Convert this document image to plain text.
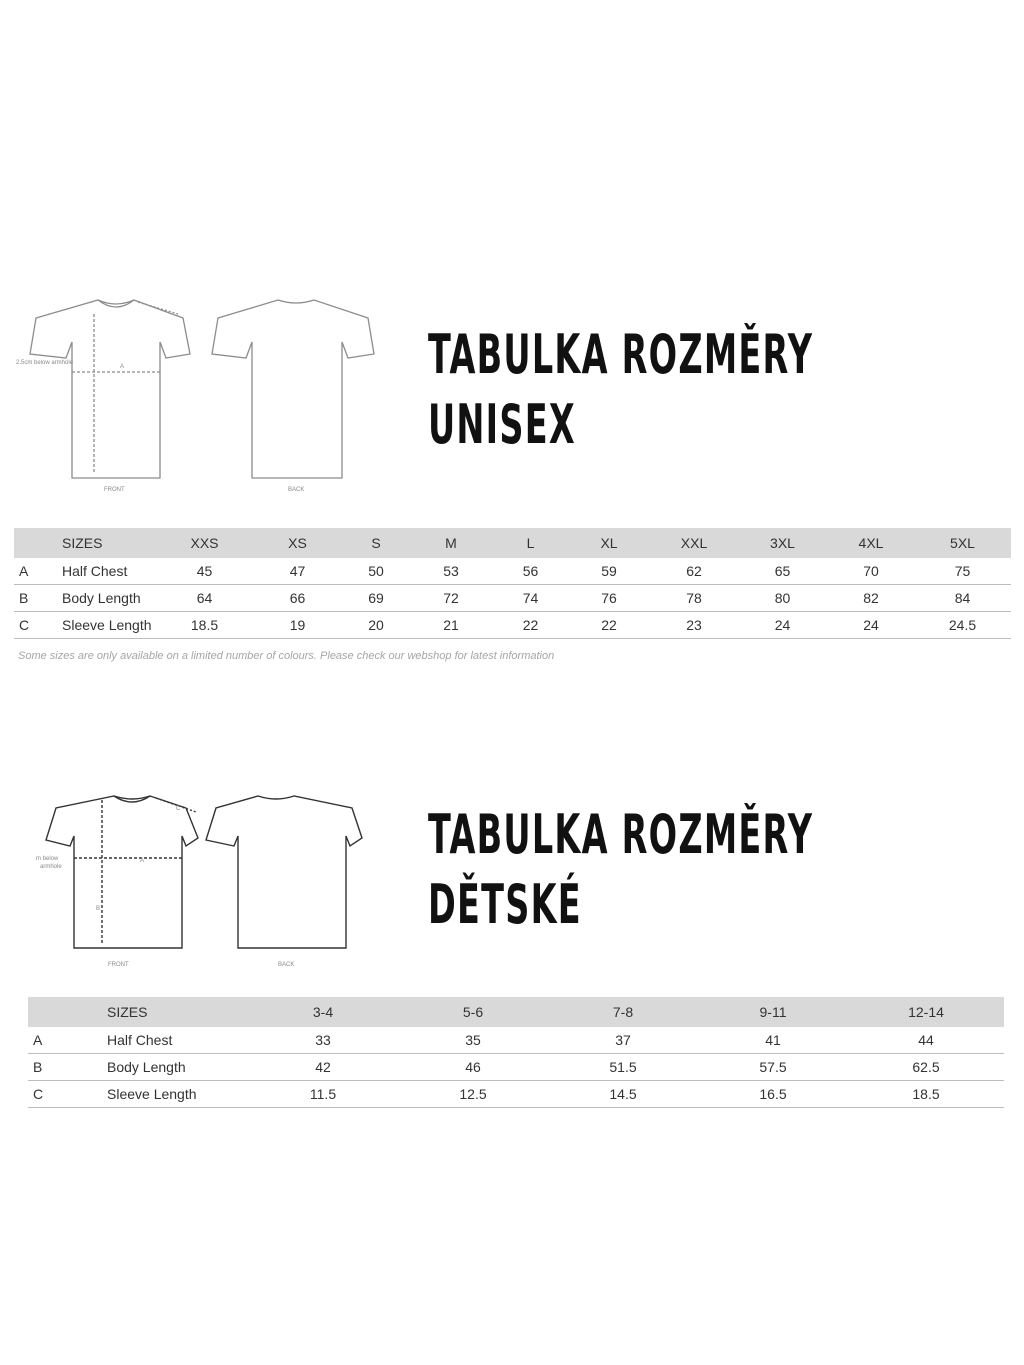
2.5cm below armhole
A
FRONT	BACK
TABULKA ROZMĚRY
UNISEX
	SIZES	XXS	XS	S	M	L	XL	XXL	3XL	4XL	5XL
A	Half Chest	45	47	50	53	56	59	62	65	70	75
B	Body Length	64	66	69	72	74	76	78	80	82	84
C	Sleeve Length	18.5	19	20	21	22	22	23	24	24	24.5

Some sizes are only available on a limited number of colours. Please check our webshop for latest information

m below
armhole
A
B
C
FRONT	BACK
TABULKA ROZMĚRY
DĚTSKÉ
	SIZES	3-4	5-6	7-8	9-11	12-14
A	Half Chest	33	35	37	41	44
B	Body Length	42	46	51.5	57.5	62.5
C	Sleeve Length	11.5	12.5	14.5	16.5	18.5
